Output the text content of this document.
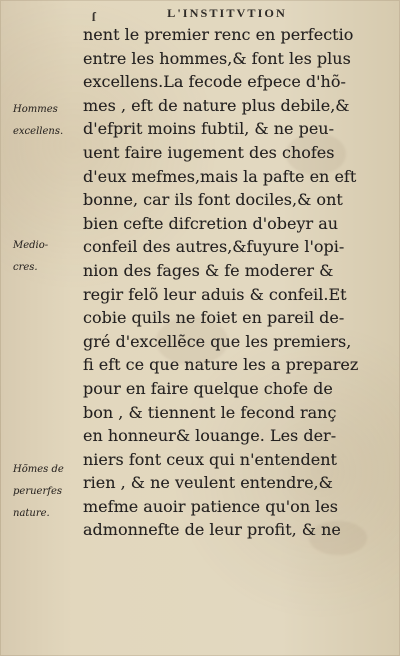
ſ	L'INSTITVTION
Hommes
excellens.
Medio-
cres.
Hõmes de
peruerfes
nature.
nent le premier renc en perfectio
entre les hommes,& font les plus
excellens.La fecode efpece d'hõ-
mes , eft de nature plus debile,&
d'efprit moins fubtil, & ne peu-
uent faire iugement des chofes
d'eux mefmes,mais la pafte en eft
bonne, car ils font dociles,& ont
bien cefte difcretion d'obeyr au
confeil des autres,&fuyure l'opi-
nion des fages & fe moderer &
regir felõ leur aduis & confeil.Et
cobie quils ne foiet en pareil de-
gré d'excellẽce que les premiers,
fi eft ce que nature les a preparez
pour en faire quelque chofe de
bon , & tiennent le fecond ranç
en honneur& louange. Les der-
niers font ceux qui n'entendent
rien , & ne veulent entendre,&
mefme auoir patience qu'on les
admonnefte de leur profit, & ne
